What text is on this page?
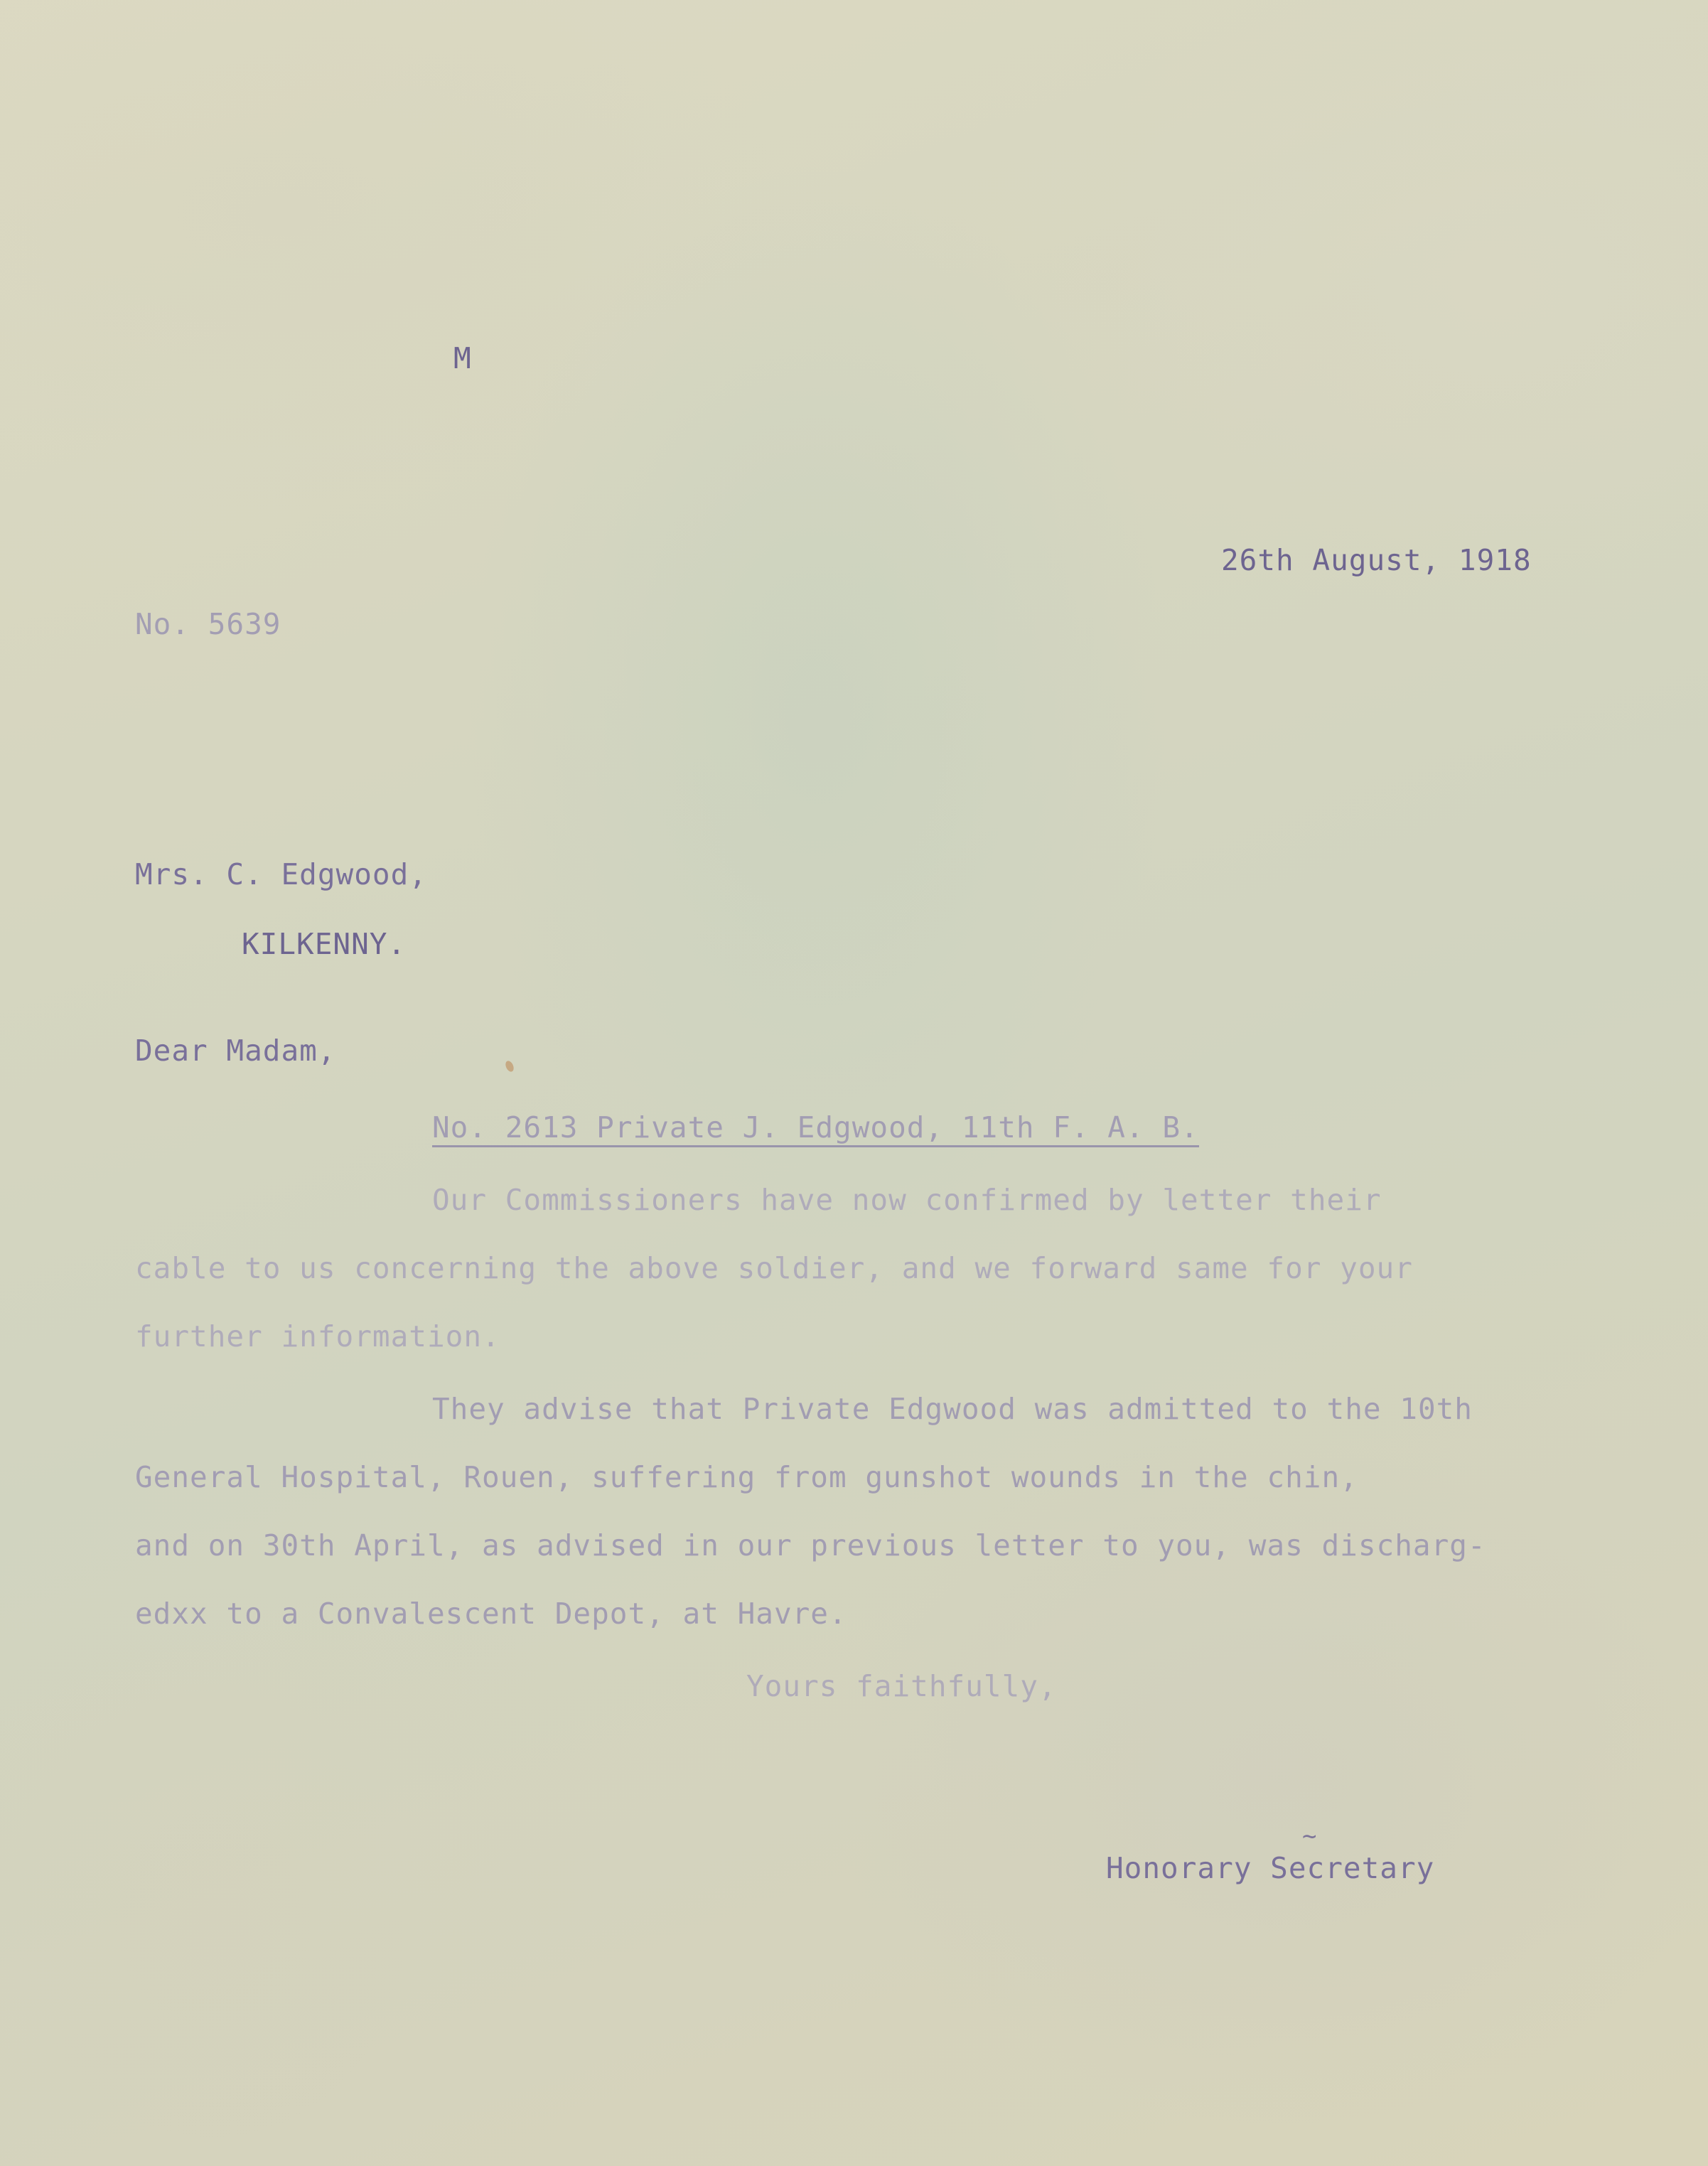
M
26th August, 1918
No. 5639
Mrs. C. Edgwood,
KILKENNY.
Dear Madam,
No. 2613 Private J. Edgwood, 11th F. A. B.
Our Commissioners have now confirmed by letter their
cable to us concerning the above soldier, and we forward same for your
further information.
They advise that Private Edgwood was admitted to the 10th
General Hospital, Rouen, suffering from gunshot wounds in the chin,
and on 30th April, as advised in our previous letter to you, was discharg-
edxx to a Convalescent Depot, at Havre.
Yours faithfully,
~
Honorary Secretary
